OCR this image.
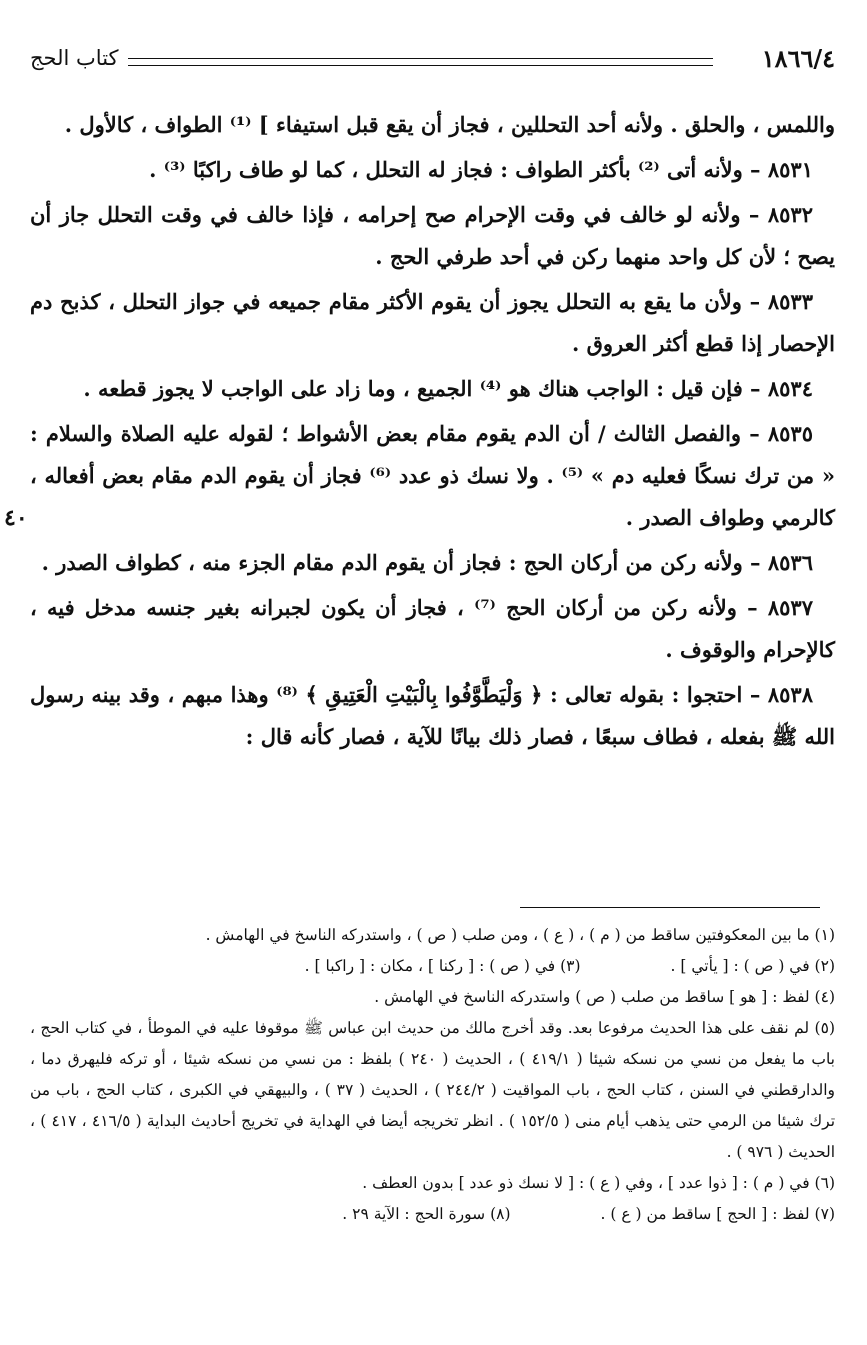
١٨٦٦/٤
كتاب الحج
٤٠

واللمس ، والحلق . ولأنه أحد التحللين ، فجاز أن يقع قبل استيفاء ] ⁽¹⁾ الطواف ، كالأول .

٨٥٣١ – ولأنه أتى ⁽²⁾ بأكثر الطواف : فجاز له التحلل ، كما لو طاف راكبًا ⁽³⁾ .

٨٥٣٢ – ولأنه لو خالف في وقت الإحرام صح إحرامه ، فإذا خالف في وقت التحلل جاز أن يصح ؛ لأن كل واحد منهما ركن في أحد طرفي الحج .

٨٥٣٣ – ولأن ما يقع به التحلل يجوز أن يقوم الأكثر مقام جميعه في جواز التحلل ، كذبح دم الإحصار إذا قطع أكثر العروق .

٨٥٣٤ – فإن قيل : الواجب هناك هو ⁽⁴⁾ الجميع ، وما زاد على الواجب لا يجوز قطعه .

٨٥٣٥ – والفصل الثالث / أن الدم يقوم مقام بعض الأشواط ؛ لقوله عليه الصلاة والسلام : « من ترك نسكًا فعليه دم » ⁽⁵⁾ . ولا نسك ذو عدد ⁽⁶⁾ فجاز أن يقوم الدم مقام بعض أفعاله ، كالرمي وطواف الصدر .

٨٥٣٦ – ولأنه ركن من أركان الحج : فجاز أن يقوم الدم مقام الجزء منه ، كطواف الصدر .

٨٥٣٧ – ولأنه ركن من أركان الحج ⁽⁷⁾ ، فجاز أن يكون لجبرانه بغير جنسه مدخل فيه ، كالإحرام والوقوف .

٨٥٣٨ – احتجوا : بقوله تعالى : ﴿ وَلْيَطَّوَّفُوا بِالْبَيْتِ الْعَتِيقِ ﴾ ⁽⁸⁾ وهذا مبهم ، وقد بينه رسول الله ﷺ بفعله ، فطاف سبعًا ، فصار ذلك بيانًا للآية ، فصار كأنه قال :

(١) ما بين المعكوفتين ساقط من ( م ) ، ( ع ) ، ومن صلب ( ص ) ، واستدركه الناسخ في الهامش .

(٢) في ( ص ) : [ يأتي ] .
(٣) في ( ص ) : [ ركنا ] ، مكان : [ راكبا ] .

(٤) لفظ : [ هو ] ساقط من صلب ( ص ) واستدركه الناسخ في الهامش .

(٥) لم نقف على هذا الحديث مرفوعا بعد. وقد أخرج مالك من حديث ابن عباس ﷺ موقوفا عليه في الموطأ ، في كتاب الحج ، باب ما يفعل من نسي من نسكه شيئا ( ٤١٩/١ ) ، الحديث ( ٢٤٠ ) بلفظ : من نسي من نسكه شيئا ، أو تركه فليهرق دما ، والدارقطني في السنن ، كتاب الحج ، باب المواقيت ( ٢٤٤/٢ ) ، الحديث ( ٣٧ ) ، والبيهقي في الكبرى ، كتاب الحج ، باب من ترك شيئا من الرمي حتى يذهب أيام منى ( ١٥٢/٥ ) . انظر تخريجه أيضا في الهداية في تخريج أحاديث البداية ( ٤١٦/٥ ، ٤١٧ ) ، الحديث ( ٩٧٦ ) .

(٦) في ( م ) : [ ذوا عدد ] ، وفي ( ع ) : [ لا نسك ذو عدد ] بدون العطف .

(٧) لفظ : [ الحج ] ساقط من ( ع ) .
(٨) سورة الحج : الآية ٢٩ .
